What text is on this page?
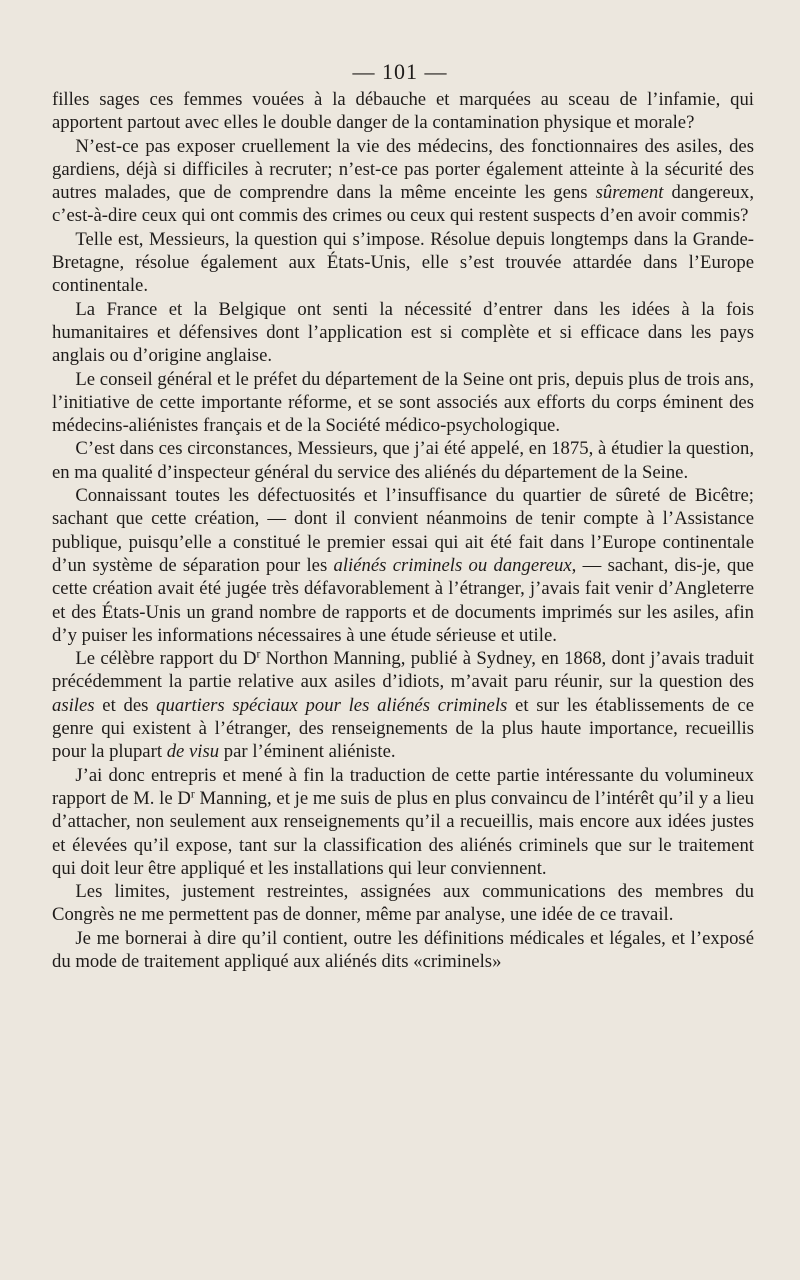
— 101 —

filles sages ces femmes vouées à la débauche et marquées au sceau de l’infamie, qui apportent partout avec elles le double danger de la contamination physique et morale?

N’est-ce pas exposer cruellement la vie des médecins, des fonctionnaires des asiles, des gardiens, déjà si difficiles à recruter; n’est-ce pas porter également atteinte à la sécurité des autres malades, que de comprendre dans la même enceinte les gens sûrement dangereux, c’est-à-dire ceux qui ont commis des crimes ou ceux qui restent suspects d’en avoir commis?

Telle est, Messieurs, la question qui s’impose. Résolue depuis longtemps dans la Grande-Bretagne, résolue également aux États-Unis, elle s’est trouvée attardée dans l’Europe continentale.

La France et la Belgique ont senti la nécessité d’entrer dans les idées à la fois humanitaires et défensives dont l’application est si complète et si efficace dans les pays anglais ou d’origine anglaise.

Le conseil général et le préfet du département de la Seine ont pris, depuis plus de trois ans, l’initiative de cette importante réforme, et se sont associés aux efforts du corps éminent des médecins-aliénistes français et de la Société médico-psychologique.

C’est dans ces circonstances, Messieurs, que j’ai été appelé, en 1875, à étudier la question, en ma qualité d’inspecteur général du service des aliénés du département de la Seine.

Connaissant toutes les défectuosités et l’insuffisance du quartier de sûreté de Bicêtre; sachant que cette création, — dont il convient néanmoins de tenir compte à l’Assistance publique, puisqu’elle a constitué le premier essai qui ait été fait dans l’Europe continentale d’un système de séparation pour les aliénés criminels ou dangereux, — sachant, dis-je, que cette création avait été jugée très défavorablement à l’étranger, j’avais fait venir d’Angleterre et des États-Unis un grand nombre de rapports et de documents imprimés sur les asiles, afin d’y puiser les informations nécessaires à une étude sérieuse et utile.

Le célèbre rapport du $D^r$ Northon Manning, publié à Sydney, en 1868, dont j’avais traduit précédemment la partie relative aux asiles d’idiots, m’avait paru réunir, sur la question des asiles et des quartiers spéciaux pour les aliénés criminels et sur les établissements de ce genre qui existent à l’étranger, des renseignements de la plus haute importance, recueillis pour la plupart de visu par l’éminent aliéniste.

J’ai donc entrepris et mené à fin la traduction de cette partie intéressante du volumineux rapport de M. le $D^r$ Manning, et je me suis de plus en plus convaincu de l’intérêt qu’il y a lieu d’attacher, non seulement aux renseignements qu’il a recueillis, mais encore aux idées justes et élevées qu’il expose, tant sur la classification des aliénés criminels que sur le traitement qui doit leur être appliqué et les installations qui leur conviennent.

Les limites, justement restreintes, assignées aux communications des membres du Congrès ne me permettent pas de donner, même par analyse, une idée de ce travail.

Je me bornerai à dire qu’il contient, outre les définitions médicales et légales, et l’exposé du mode de traitement appliqué aux aliénés dits «criminels»
